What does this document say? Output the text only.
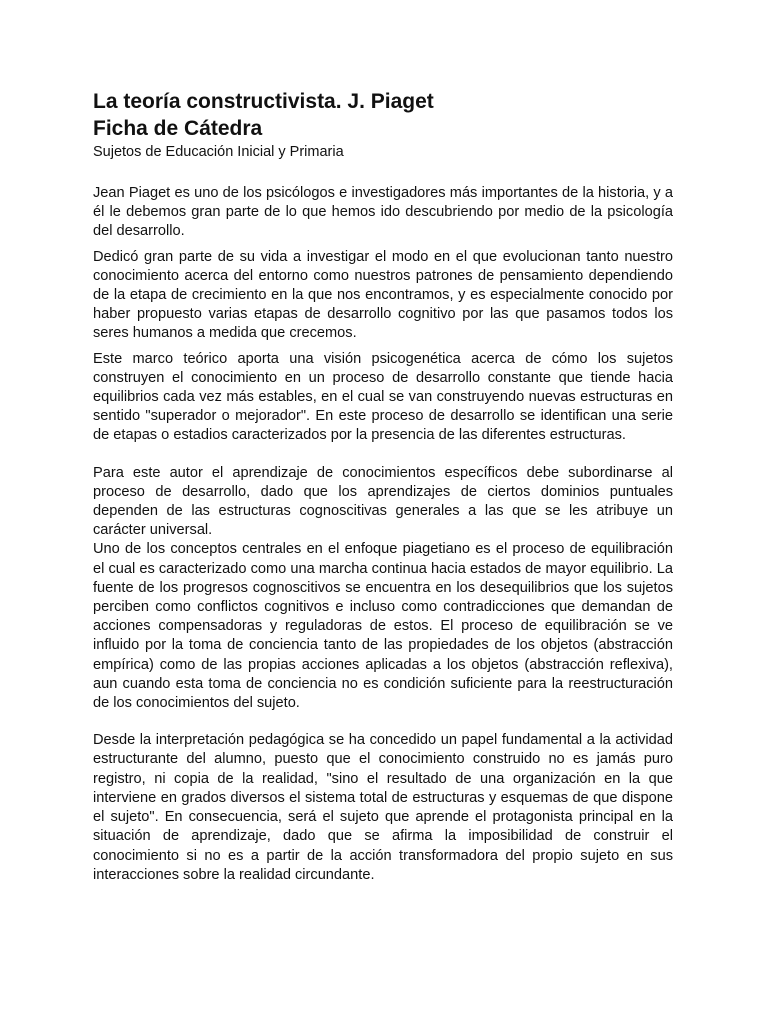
La teoría constructivista. J. Piaget
Ficha de Cátedra

Sujetos de Educación Inicial y Primaria

Jean Piaget es uno de los psicólogos e investigadores más importantes de la historia, y a él le debemos gran parte de lo que hemos ido descubriendo por medio de la psicología del desarrollo.

Dedicó gran parte de su vida a investigar el modo en el que evolucionan tanto nuestro conocimiento acerca del entorno como nuestros patrones de pensamiento dependiendo de la etapa de crecimiento en la que nos encontramos, y es especialmente conocido por haber propuesto varias etapas de desarrollo cognitivo por las que pasamos todos los seres humanos a medida que crecemos.

Este marco teórico aporta una visión psicogenética acerca de cómo los sujetos construyen el conocimiento en un proceso de desarrollo constante que tiende hacia equilibrios cada vez más estables, en el cual se van construyendo nuevas estructuras en sentido "superador o mejorador". En este proceso de desarrollo se identifican una serie de etapas o estadios caracterizados por la presencia de las diferentes estructuras.

Para este autor el aprendizaje de conocimientos específicos debe subordinarse al proceso de desarrollo, dado que los aprendizajes de ciertos dominios puntuales dependen de las estructuras cognoscitivas generales a las que se les atribuye un carácter universal.

Uno de los conceptos centrales en el enfoque piagetiano es el proceso de equilibración el cual es caracterizado como una marcha continua hacia estados de mayor equilibrio. La fuente de los progresos cognoscitivos se encuentra en los desequilibrios que los sujetos perciben como conflictos cognitivos e incluso como contradicciones que demandan de acciones compensadoras y reguladoras de estos. El proceso de equilibración se ve influido por la toma de conciencia tanto de las propiedades de los objetos (abstracción empírica) como de las propias acciones aplicadas a los objetos (abstracción reflexiva), aun cuando esta toma de conciencia no es condición suficiente para la reestructuración de los conocimientos del sujeto.

Desde la interpretación pedagógica se ha concedido un papel fundamental a la actividad estructurante del alumno, puesto que el conocimiento construido no es jamás puro registro, ni copia de la realidad, "sino el resultado de una organización en la que interviene en grados diversos el sistema total de estructuras y esquemas de que dispone el sujeto". En consecuencia, será el sujeto que aprende el protagonista principal en la situación de aprendizaje, dado que se afirma la imposibilidad de construir el conocimiento si no es a partir de la acción transformadora del propio sujeto en sus interacciones sobre la realidad circundante.
